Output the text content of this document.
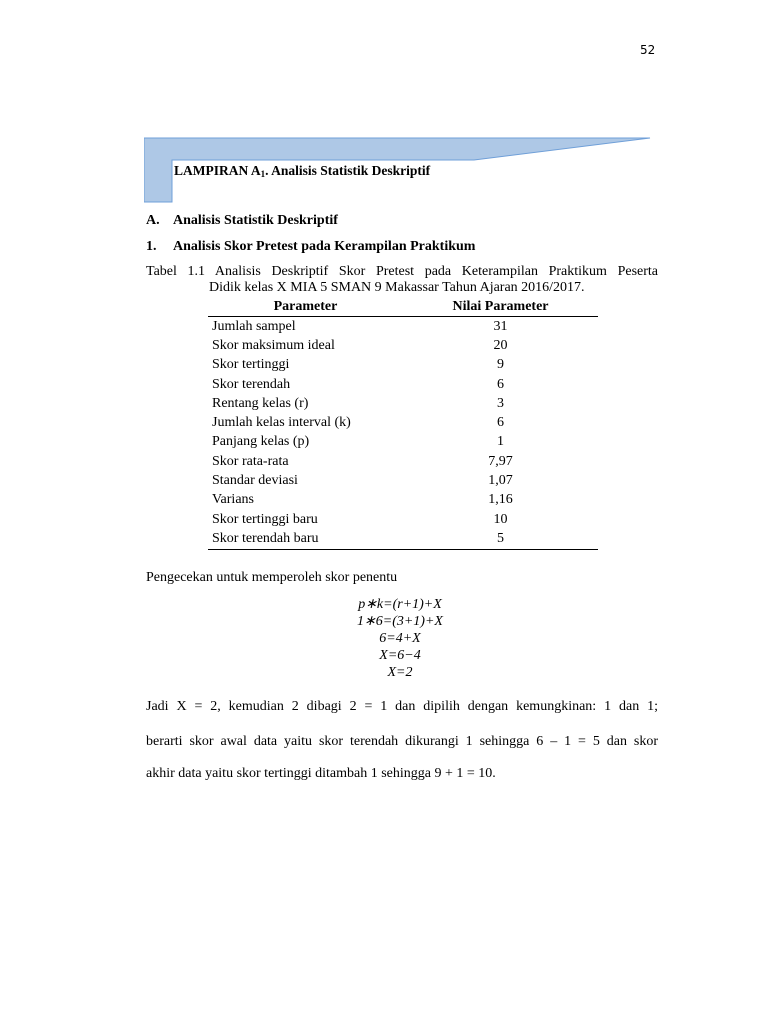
52
LAMPIRAN $A_1$. Analisis Statistik Deskriptif
A. Analisis Statistik Deskriptif
1. Analisis Skor Pretest pada Kerampilan Praktikum
Tabel 1.1 Analisis Deskriptif Skor Pretest pada Keterampilan Praktikum Peserta
Didik kelas X MIA 5 SMAN 9 Makassar Tahun Ajaran 2016/2017.
Parameter	Nilai Parameter
Jumlah sampel	31
Skor maksimum ideal	20
Skor tertinggi	9
Skor terendah	6
Rentang kelas (r)	3
Jumlah kelas interval (k)	6
Panjang kelas (p)	1
Skor rata-rata	7,97
Standar deviasi	1,07
Varians	1,16
Skor tertinggi baru	10
Skor terendah baru	5
Pengecekan untuk memperoleh skor penentu
p∗k=(r+1)+X
1∗6=(3+1)+X
6=4+X
X=6−4
X=2
Jadi X = 2, kemudian 2 dibagi 2 = 1 dan dipilih dengan kemungkinan: 1 dan 1;
berarti skor awal data yaitu skor terendah dikurangi 1 sehingga 6 – 1 = 5 dan skor
akhir data yaitu skor tertinggi ditambah 1 sehingga 9 + 1 = 10.
